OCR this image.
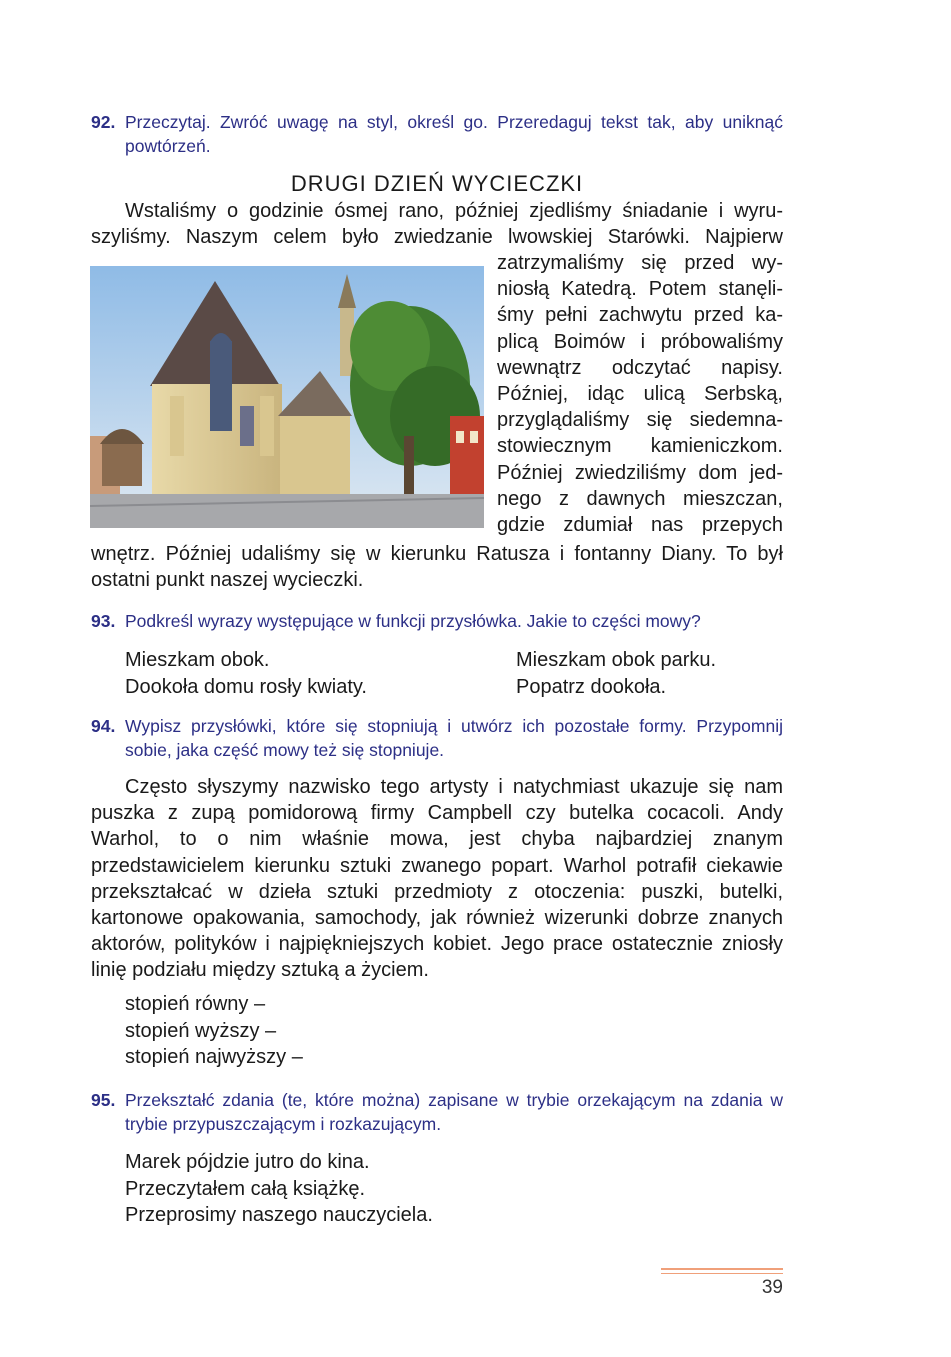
92. Przeczytaj. Zwróć uwagę na styl, określ go. Przeredaguj tekst tak, aby uniknąć powtórzeń.
DRUGI DZIEŃ WYCIECZKI
Wstaliśmy o godzinie ósmej rano, później zjedliśmy śniadanie i wyru-
szyliśmy. Naszym celem było zwiedzanie lwowskiej Starówki. Najpierw
zatrzymaliśmy się przed wy-
niosłą Katedrą. Potem stanęli-
śmy pełni zachwytu przed ka-
plicą Boimów i próbowaliśmy
wewnątrz odczytać napisy.
Później, idąc ulicą Serbską,
przyglądaliśmy się siedemna-
stowiecznym kamieniczkom.
Później zwiedziliśmy dom jed-
nego z dawnych mieszczan,
gdzie zdumiał nas przepych
wnętrz. Później udaliśmy się w kierunku Ratusza i fontanny Diany. To był
ostatni punkt naszej wycieczki.
93. Podkreśl wyrazy występujące w funkcji przysłówka. Jakie to części mowy?
Mieszkam obok.	Mieszkam obok parku.
Dookoła domu rosły kwiaty.	Popatrz dookoła.
94. Wypisz przysłówki, które się stopniują i utwórz ich pozostałe formy. Przypomnij sobie, jaka część mowy też się stopniuje.
Często słyszymy nazwisko tego artysty i natychmiast ukazuje się nam puszka z zupą pomidorową firmy Campbell czy butelka cocacoli. Andy Warhol, to o nim właśnie mowa, jest chyba najbardziej znanym przedstawicielem kierunku sztuki zwanego popart. Warhol potrafił ciekawie przekształcać w dzieła sztuki przedmioty z otoczenia: puszki, butelki, kartonowe opakowania, samochody, jak również wizerunki dobrze znanych aktorów, polityków i najpiękniejszych kobiet. Jego prace ostatecznie zniosły linię podziału między sztuką a życiem.
stopień równy –
stopień wyższy –
stopień najwyższy –
95. Przekształć zdania (te, które można) zapisane w trybie orzekającym na zdania w trybie przypuszczającym i rozkazującym.
Marek pójdzie jutro do kina.
Przeczytałem całą książkę.
Przeprosimy naszego nauczyciela.
39
